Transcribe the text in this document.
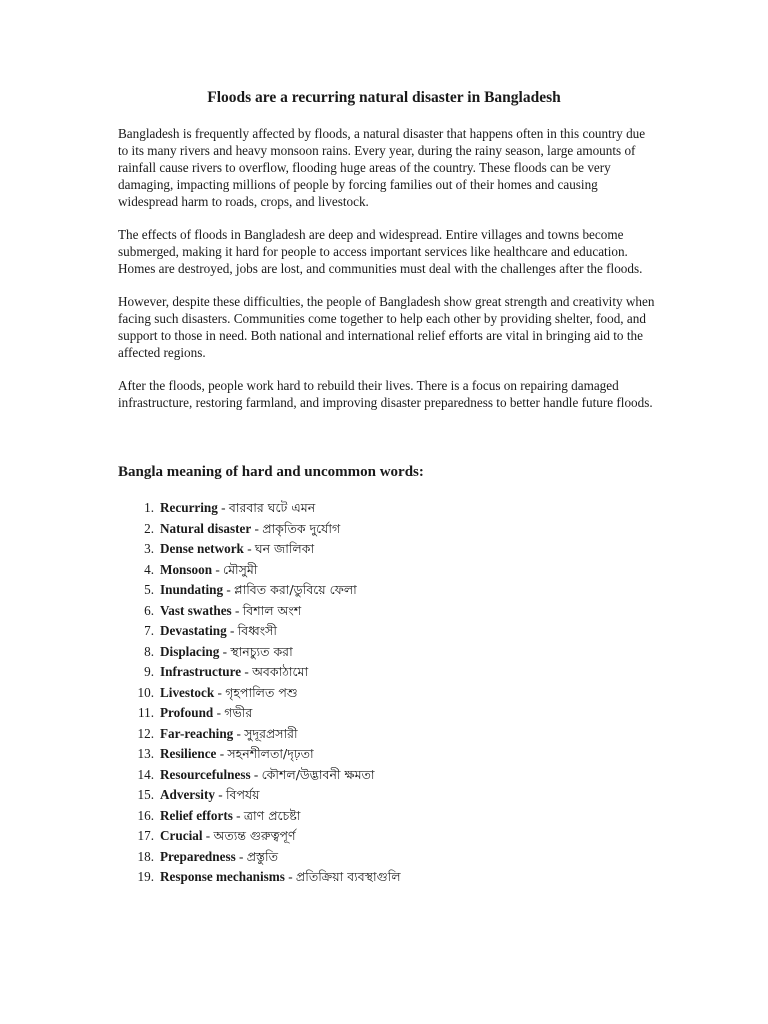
Floods are a recurring natural disaster in Bangladesh

Bangladesh is frequently affected by floods, a natural disaster that happens often in this country due to its many rivers and heavy monsoon rains. Every year, during the rainy season, large amounts of rainfall cause rivers to overflow, flooding huge areas of the country. These floods can be very damaging, impacting millions of people by forcing families out of their homes and causing widespread harm to roads, crops, and livestock.

The effects of floods in Bangladesh are deep and widespread. Entire villages and towns become submerged, making it hard for people to access important services like healthcare and education. Homes are destroyed, jobs are lost, and communities must deal with the challenges after the floods.

However, despite these difficulties, the people of Bangladesh show great strength and creativity when facing such disasters. Communities come together to help each other by providing shelter, food, and support to those in need. Both national and international relief efforts are vital in bringing aid to the affected regions.

After the floods, people work hard to rebuild their lives. There is a focus on repairing damaged infrastructure, restoring farmland, and improving disaster preparedness to better handle future floods.

Bangla meaning of hard and uncommon words:
1. Recurring - বারবার ঘটে এমন
2. Natural disaster - প্রাকৃতিক দুর্যোগ
3. Dense network - ঘন জালিকা
4. Monsoon - মৌসুমী
5. Inundating - প্লাবিত করা/ডুবিয়ে ফেলা
6. Vast swathes - বিশাল অংশ
7. Devastating - বিধ্বংসী
8. Displacing - স্থানচ্যুত করা
9. Infrastructure - অবকাঠামো
10. Livestock - গৃহপালিত পশু
11. Profound - গভীর
12. Far-reaching - সুদূরপ্রসারী
13. Resilience - সহনশীলতা/দৃঢ়তা
14. Resourcefulness - কৌশল/উদ্ভাবনী ক্ষমতা
15. Adversity - বিপর্যয়
16. Relief efforts - ত্রাণ প্রচেষ্টা
17. Crucial - অত্যন্ত গুরুত্বপূর্ণ
18. Preparedness - প্রস্তুতি
19. Response mechanisms - প্রতিক্রিয়া ব্যবস্থাগুলি
